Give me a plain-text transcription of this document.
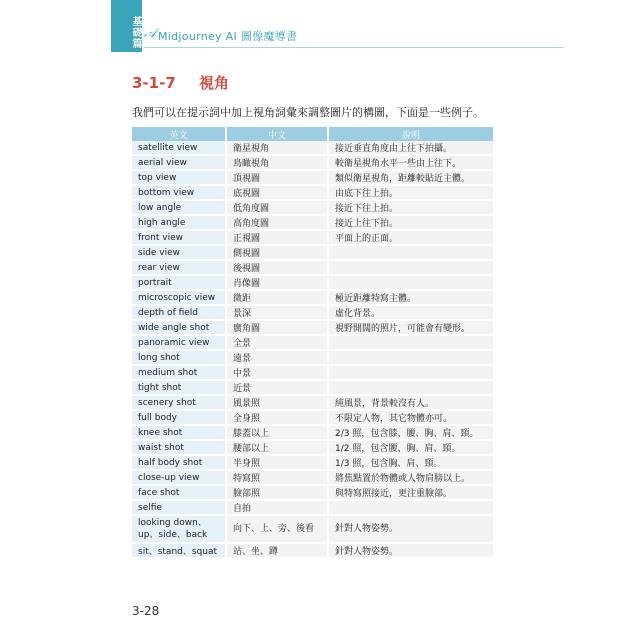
基礎篇 𝒜 Midjourney AI 圖像魔導書
3-1-7 視角
我們可以在提示詞中加上視角詞彙來調整圖片的構圖，下面是一些例子。
英文	中文	說明
satellite view	衛星視角	接近垂直角度由上往下拍攝。
aerial view	鳥瞰視角	較衛星視角水平一些由上往下。
top view	頂視圖	類似衛星視角，距離較貼近主體。
bottom view	底視圖	由底下往上拍。
low angle	低角度圖	接近下往上拍。
high angle	高角度圖	接近上往下拍。
front view	正視圖	平面上的正面。
side view	側視圖	
rear view	後視圖	
portrait	肖像圖	
microscopic view	微距	極近距離特寫主體。
depth of field	景深	虛化背景。
wide angle shot	廣角圖	視野開闊的照片，可能會有變形。
panoramic view	全景	
long shot	遠景	
medium shot	中景	
tight shot	近景	
scenery shot	風景照	純風景，背景較沒有人。
full body	全身照	不限定人物，其它物體亦可。
knee shot	膝蓋以上	2/3 照，包含膝、腰、胸、肩、頸。
waist shot	腰部以上	1/2 照，包含腰、胸、肩、頸。
half body shot	半身照	1/3 照，包含胸、肩、頸。
close-up view	特寫照	將焦點置於物體或人物肩膀以上。
face shot	臉部照	與特寫照接近，更注重臉部。
selfie	自拍	
looking down、up、side、back	向下、上、旁、後看	針對人物姿勢。
sit、stand、squat	站、坐、蹲	針對人物姿勢。
3-28
